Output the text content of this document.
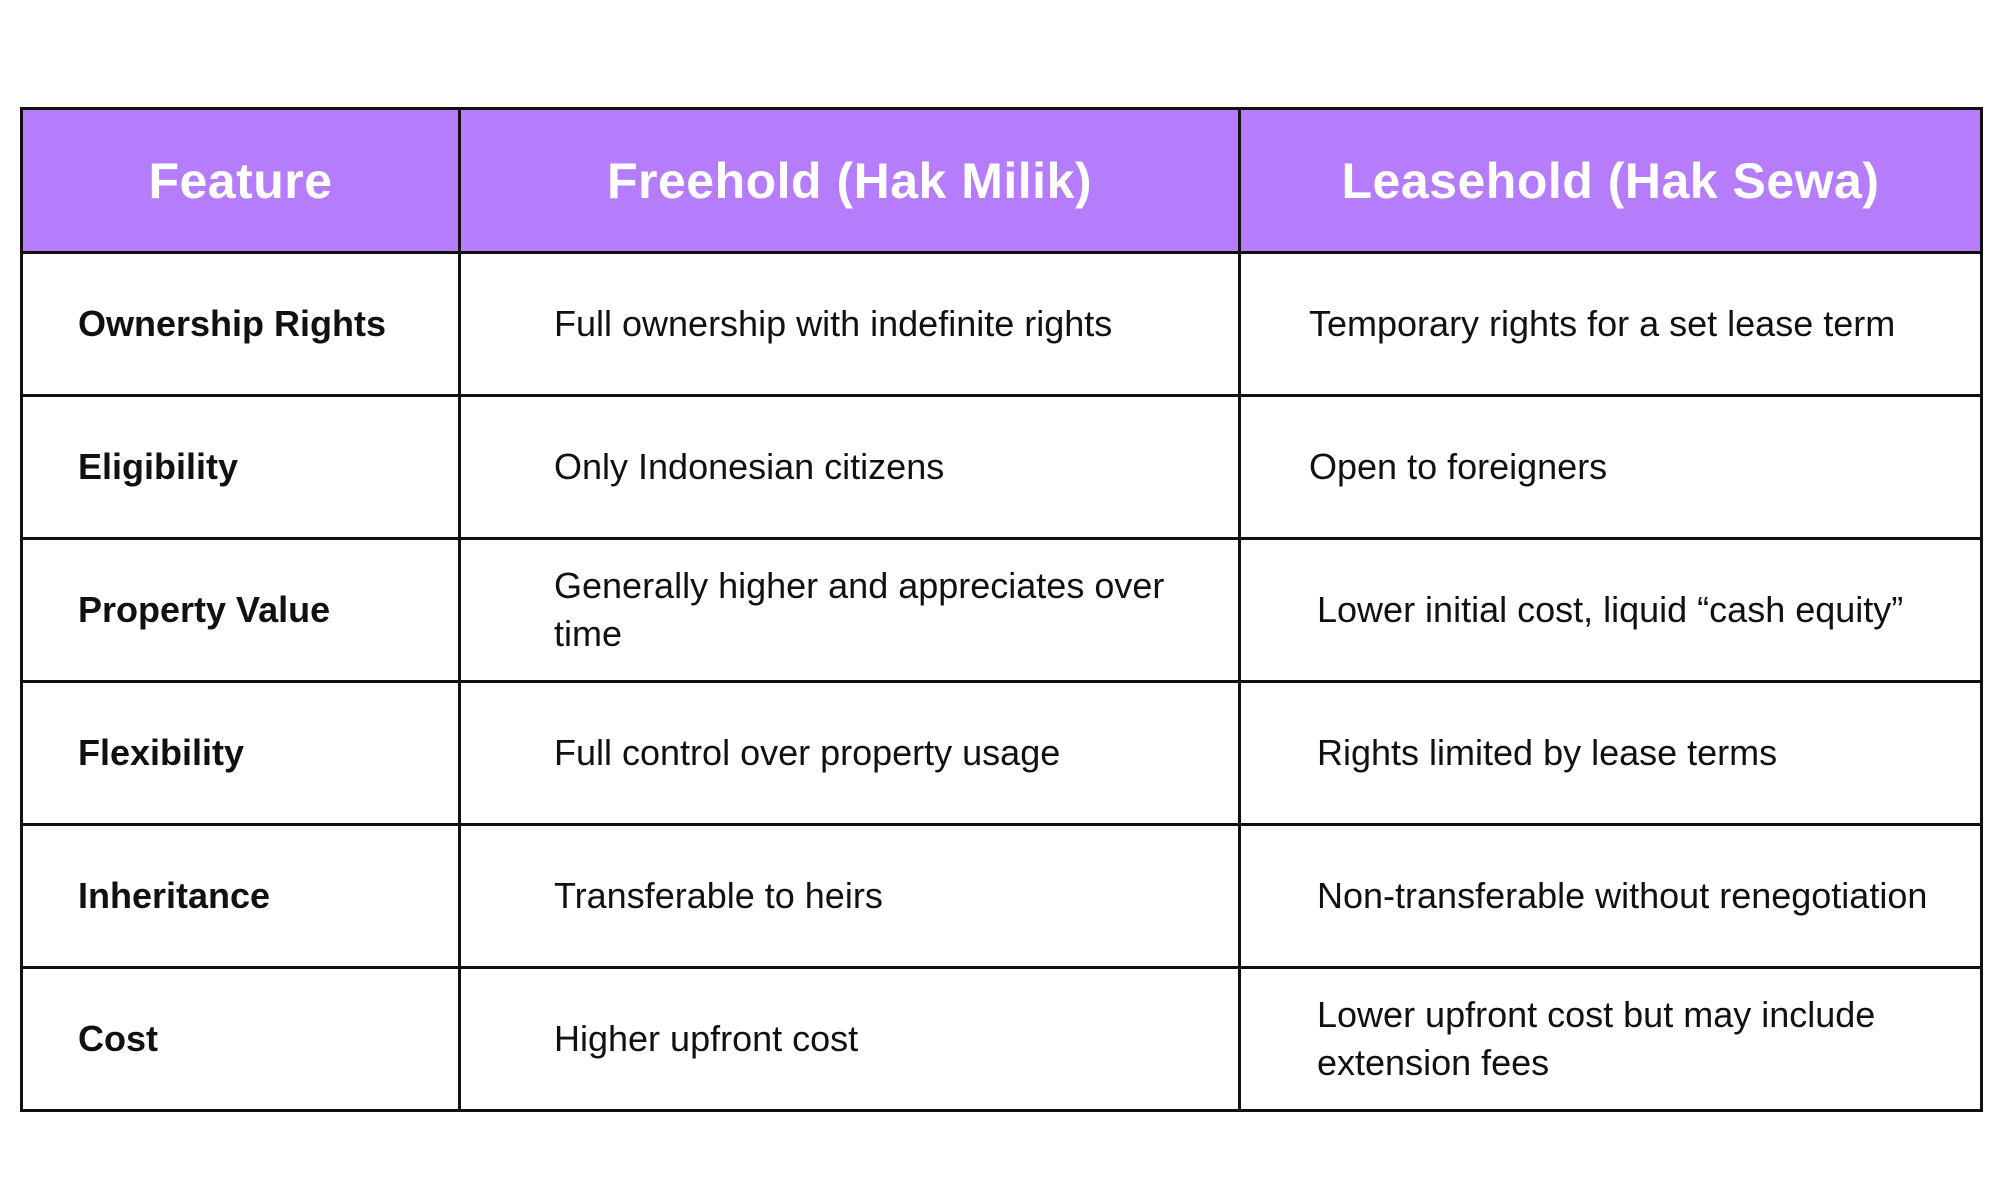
Feature	Freehold (Hak Milik)	Leasehold (Hak Sewa)
Ownership Rights	Full ownership with indefinite rights	Temporary rights for a set lease term
Eligibility	Only Indonesian citizens	Open to foreigners
Property Value	Generally higher and appreciates over time	Lower initial cost, liquid “cash equity”
Flexibility	Full control over property usage	Rights limited by lease terms
Inheritance	Transferable to heirs	Non-transferable without renegotiation
Cost	Higher upfront cost	Lower upfront cost but may include extension fees
